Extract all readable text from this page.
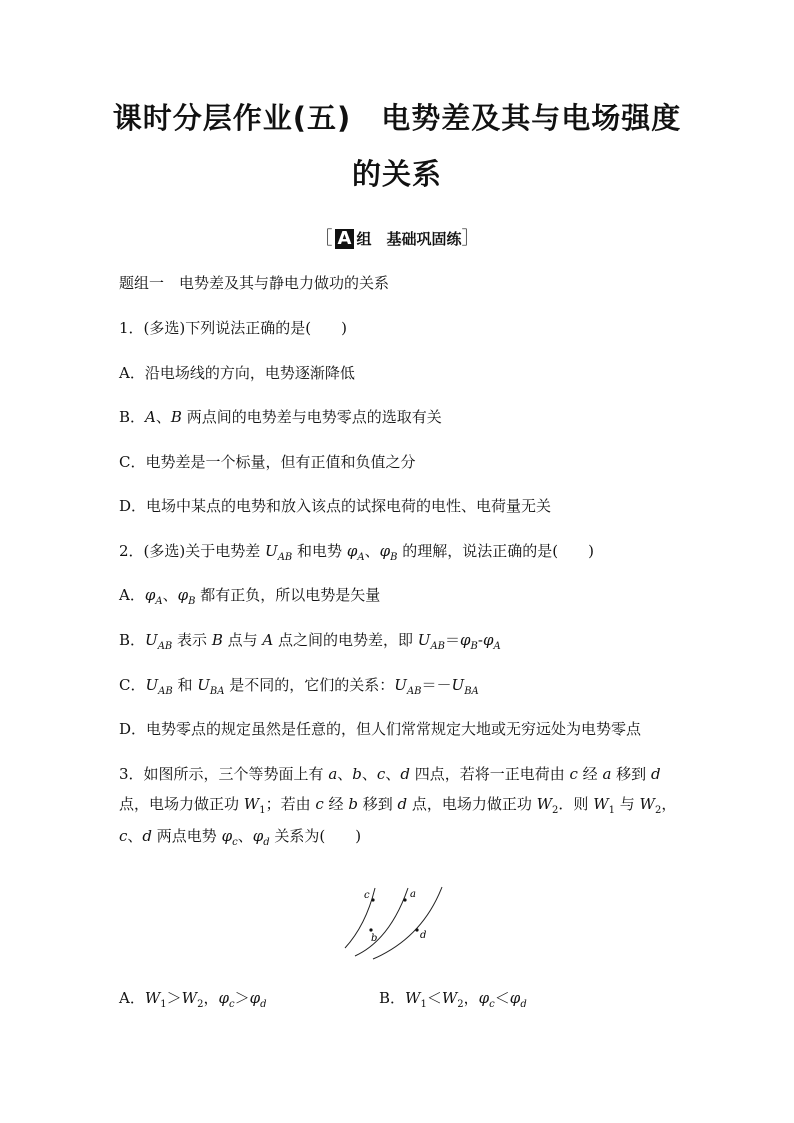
课时分层作业(五)　电势差及其与电场强度
的关系
［ A 组　基础巩固练］
题组一　电势差及其与静电力做功的关系
1．(多选)下列说法正确的是(　　)
A．沿电场线的方向，电势逐渐降低
B．A、B 两点间的电势差与电势零点的选取有关
C．电势差是一个标量，但有正值和负值之分
D．电场中某点的电势和放入该点的试探电荷的电性、电荷量无关
2．(多选)关于电势差 $U_{AB}$ 和电势 $\varphi_A$、$\varphi_B$ 的理解，说法正确的是(　　)
A．$\varphi_A$、$\varphi_B$ 都有正负，所以电势是矢量
B．$U_{AB}$ 表示 B 点与 A 点之间的电势差，即 $U_{AB}=\varphi_B-\varphi_A$
C．$U_{AB}$ 和 $U_{BA}$ 是不同的，它们的关系：$U_{AB}=-U_{BA}$
D．电势零点的规定虽然是任意的，但人们常常规定大地或无穷远处为电势零点
3．如图所示，三个等势面上有 a、b、c、d 四点，若将一正电荷由 c 经 a 移到 d
点，电场力做正功 $W_1$；若由 c 经 b 移到 d 点，电场力做正功 $W_2$．则 $W_1$ 与 $W_2$，
c、d 两点电势 $\varphi_c$、$\varphi_d$ 关系为(　　)
c	a
b	d
A．$W_1>W_2$，$\varphi_c>\varphi_d$	B．$W_1<W_2$，$\varphi_c<\varphi_d$
